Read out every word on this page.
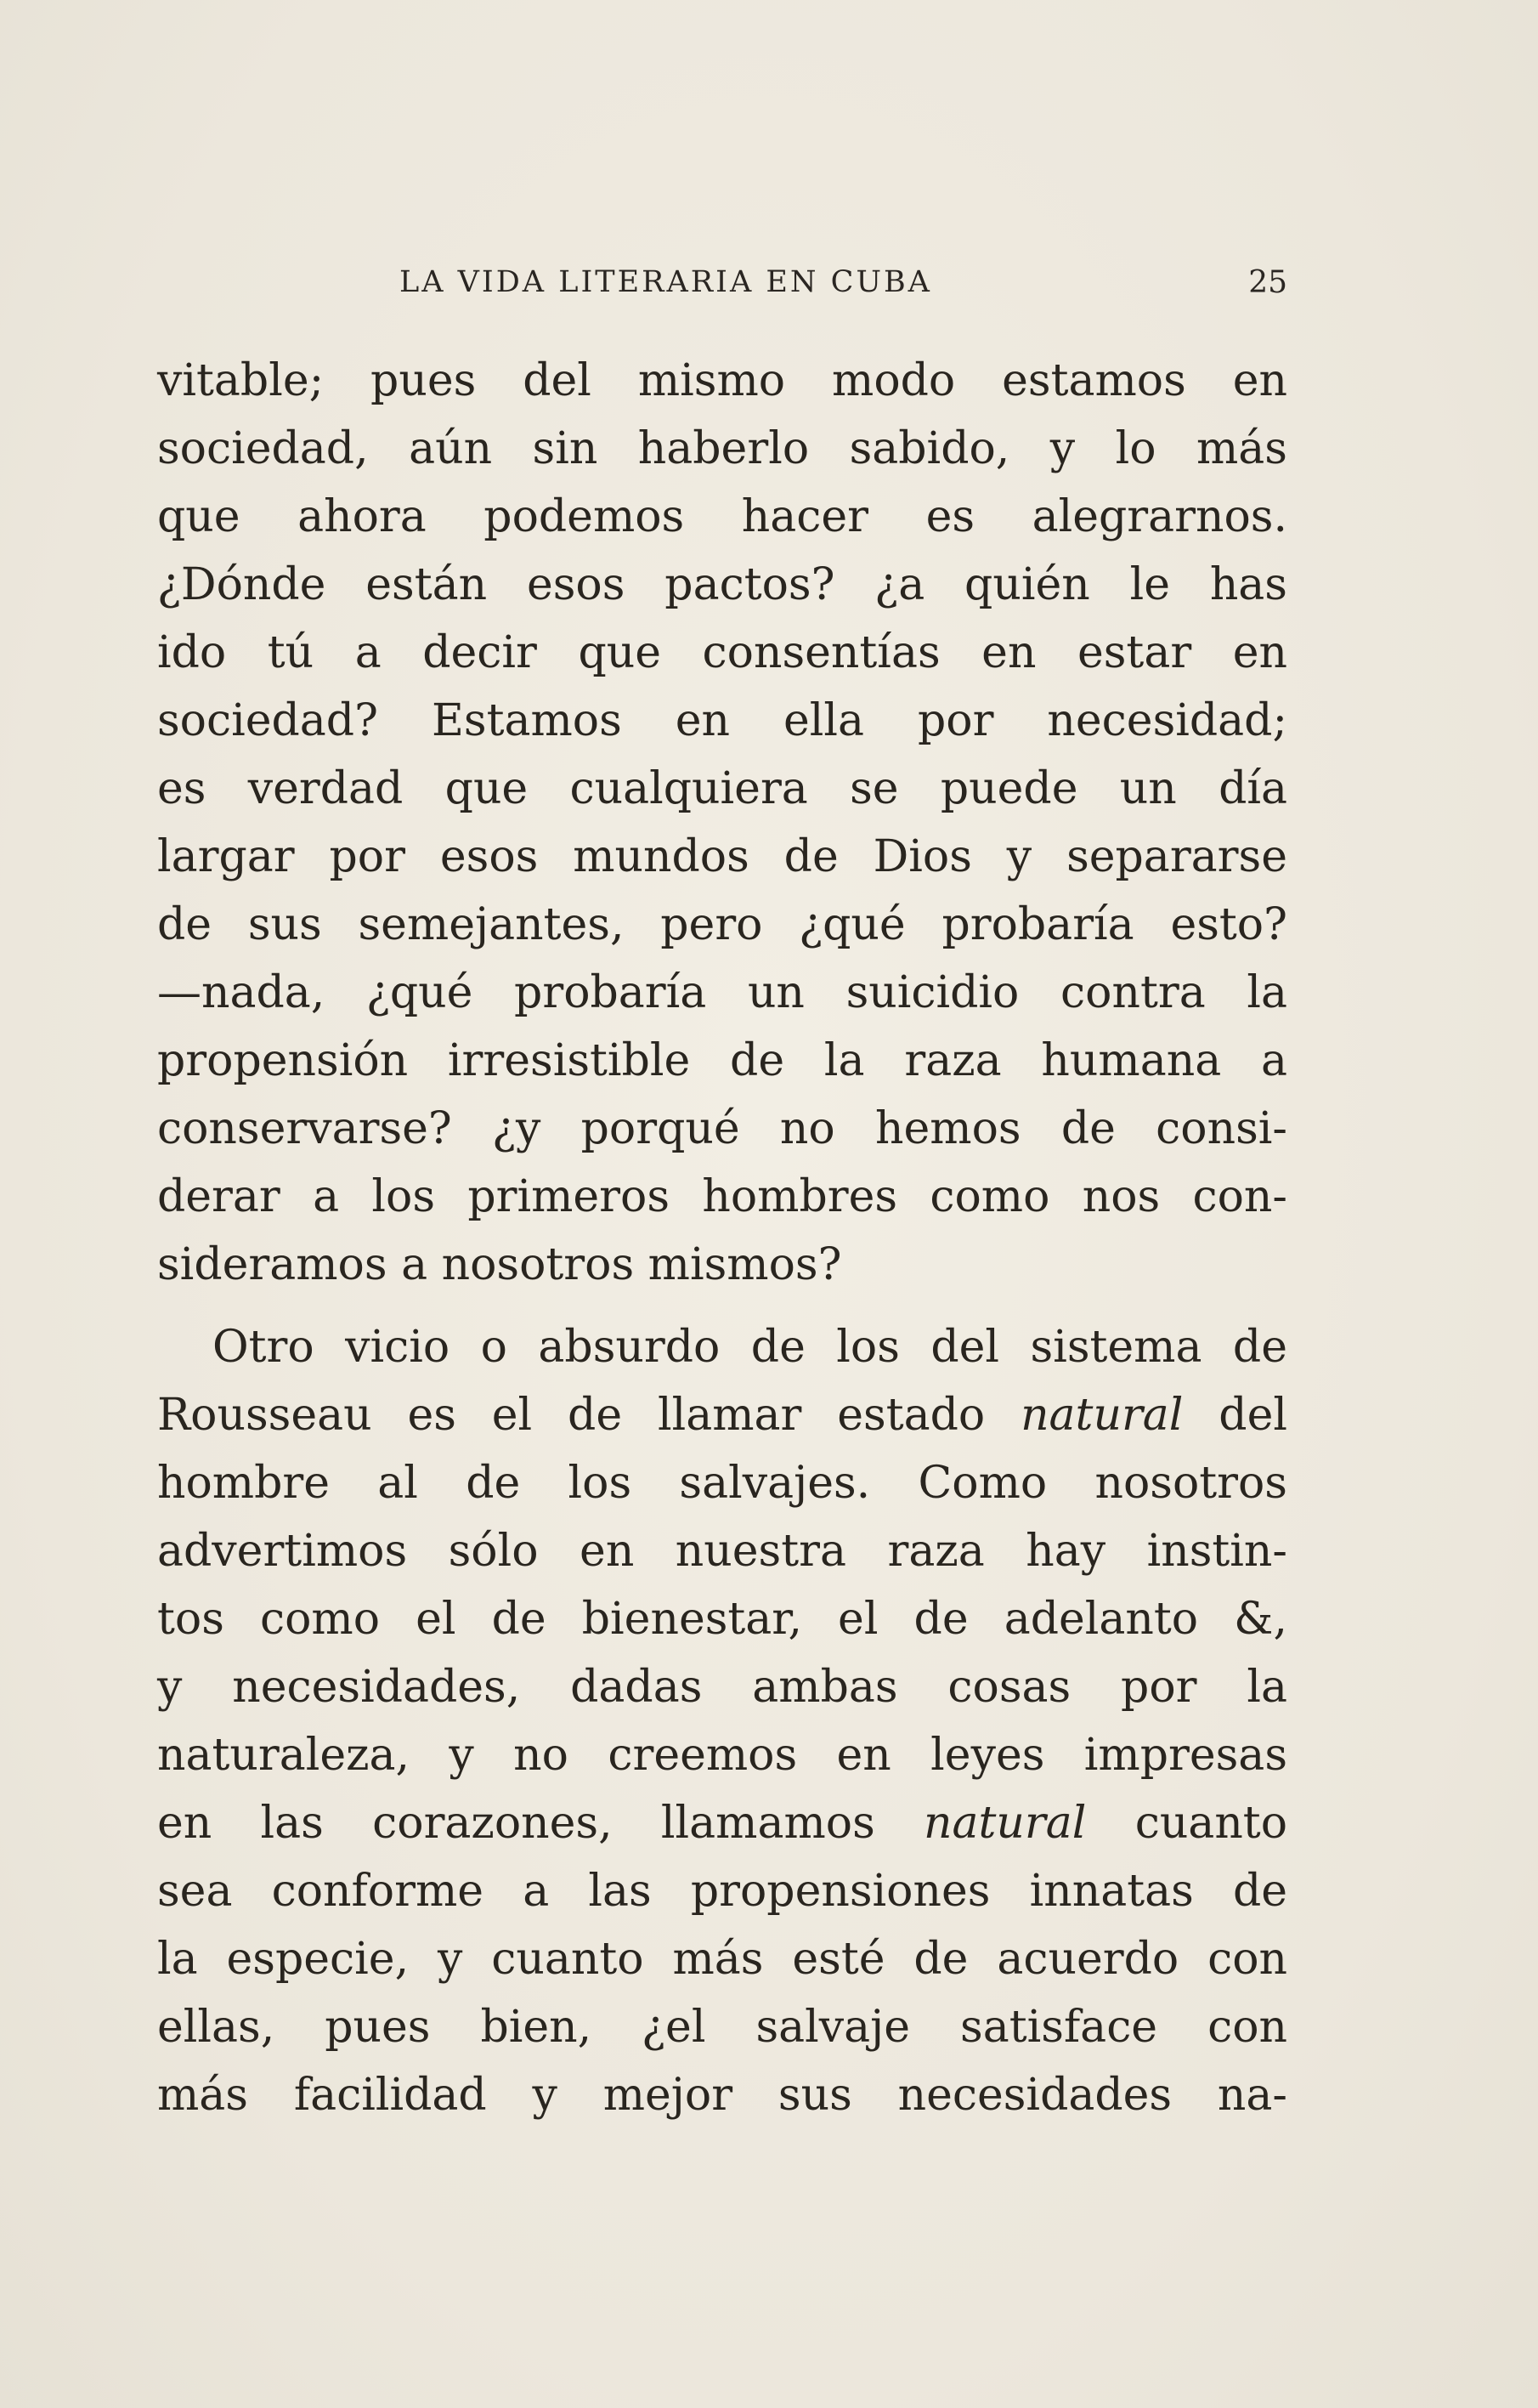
LA VIDA LITERARIA EN CUBA	25
vitable; pues del mismo modo estamos en
sociedad, aún sin haberlo sabido, y lo más
que ahora podemos hacer es alegrarnos.
¿Dónde están esos pactos? ¿a quién le has
ido tú a decir que consentías en estar en
sociedad? Estamos en ella por necesidad;
es verdad que cualquiera se puede un día
largar por esos mundos de Dios y separarse
de sus semejantes, pero ¿qué probaría esto?
—nada, ¿qué probaría un suicidio contra la
propensión irresistible de la raza humana a
conservarse? ¿y porqué no hemos de consi-
derar a los primeros hombres como nos con-
sideramos a nosotros mismos?
Otro vicio o absurdo de los del sistema de
Rousseau es el de llamar estado natural del
hombre al de los salvajes. Como nosotros
advertimos sólo en nuestra raza hay instin-
tos como el de bienestar, el de adelanto &,
y necesidades, dadas ambas cosas por la
naturaleza, y no creemos en leyes impresas
en las corazones, llamamos natural cuanto
sea conforme a las propensiones innatas de
la especie, y cuanto más esté de acuerdo con
ellas, pues bien, ¿el salvaje satisface con
más facilidad y mejor sus necesidades na-
